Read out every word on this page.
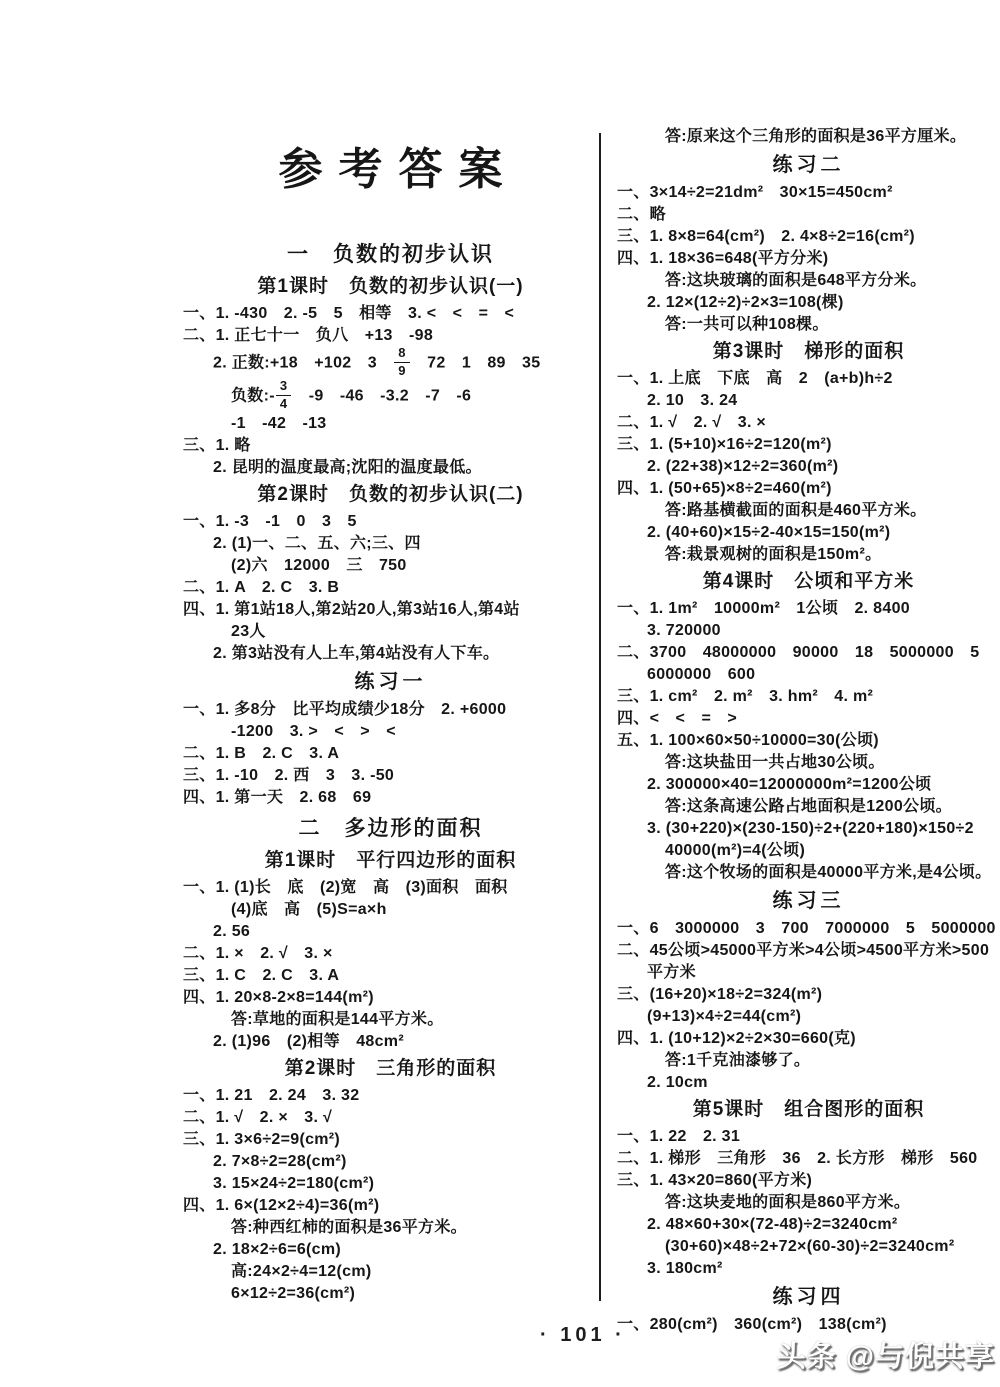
参考答案
一　负数的初步认识
第1课时　负数的初步认识(一)
一、1. -430　2. -5　5　相等　3. <　<　=　<
二、1. 正七十一　负八　+13　-98
2. 正数:+18　+102　3　 $\frac{8}{9}$ 　72　1　89　35
负数:- $\frac{3}{4}$ 　-9　-46　-3.2　-7　-6
-1　-42　-13
三、1. 略
2. 昆明的温度最高;沈阳的温度最低。
第2课时　负数的初步认识(二)
一、1. -3　-1　0　3　5
2. (1)一、二、五、六;三、四
(2)六　12000　三　750
二、1. A　2. C　3. B
四、1. 第1站18人,第2站20人,第3站16人,第4站
23人
2. 第3站没有人上车,第4站没有人下车。
练习一
一、1. 多8分　比平均成绩少18分　2. +6000
-1200　3. >　<　>　<
二、1. B　2. C　3. A
三、1. -10　2. 西　3　3. -50
四、1. 第一天　2. 68　69
二　多边形的面积
第1课时　平行四边形的面积
一、1. (1)长　底　(2)宽　高　(3)面积　面积
(4)底　高　(5)S=a×h
2. 56
二、1. ×　2. √　3. ×
三、1. C　2. C　3. A
四、1. 20×8-2×8=144(m²)
答:草地的面积是144平方米。
2. (1)96　(2)相等　48cm²
第2课时　三角形的面积
一、1. 21　2. 24　3. 32
二、1. √　2. ×　3. √
三、1. 3×6÷2=9(cm²)
2. 7×8÷2=28(cm²)
3. 15×24÷2=180(cm²)
四、1. 6×(12×2÷4)=36(m²)
答:种西红柿的面积是36平方米。
2. 18×2÷6=6(cm)
高:24×2÷4=12(cm)
6×12÷2=36(cm²)
答:原来这个三角形的面积是36平方厘米。
练习二
一、3×14÷2=21dm²　30×15=450cm²
二、略
三、1. 8×8=64(cm²)　2. 4×8÷2=16(cm²)
四、1. 18×36=648(平方分米)
答:这块玻璃的面积是648平方分米。
2. 12×(12÷2)÷2×3=108(棵)
答:一共可以种108棵。
第3课时　梯形的面积
一、1. 上底　下底　高　2　(a+b)h÷2
2. 10　3. 24
二、1. √　2. √　3. ×
三、1. (5+10)×16÷2=120(m²)
2. (22+38)×12÷2=360(m²)
四、1. (50+65)×8÷2=460(m²)
答:路基横截面的面积是460平方米。
2. (40+60)×15÷2-40×15=150(m²)
答:栽景观树的面积是150m²。
第4课时　公顷和平方米
一、1. 1m²　10000m²　1公顷　2. 8400
3. 720000
二、3700　48000000　90000　18　5000000　5
6000000　600
三、1. cm²　2. m²　3. hm²　4. m²
四、<　<　=　>
五、1. 100×60×50÷10000=30(公顷)
答:这块盐田一共占地30公顷。
2. 300000×40=12000000m²=1200公顷
答:这条高速公路占地面积是1200公顷。
3. (30+220)×(230-150)÷2+(220+180)×150÷2
40000(m²)=4(公顷)
答:这个牧场的面积是40000平方米,是4公顷。
练习三
一、6　3000000　3　700　7000000　5　5000000
二、45公顷>45000平方米>4公顷>4500平方米>500
平方米
三、(16+20)×18÷2=324(m²)
(9+13)×4÷2=44(cm²)
四、1. (10+12)×2÷2×30=660(克)
答:1千克油漆够了。
2. 10cm
第5课时　组合图形的面积
一、1. 22　2. 31
二、1. 梯形　三角形　36　2. 长方形　梯形　560
三、1. 43×20=860(平方米)
答:这块麦地的面积是860平方米。
2. 48×60+30×(72-48)÷2=3240cm²
(30+60)×48÷2+72×(60-30)÷2=3240cm²
3. 180cm²
练习四
一、280(cm²)　360(cm²)　138(cm²)
· 101 ·
头条 @与倪共享
